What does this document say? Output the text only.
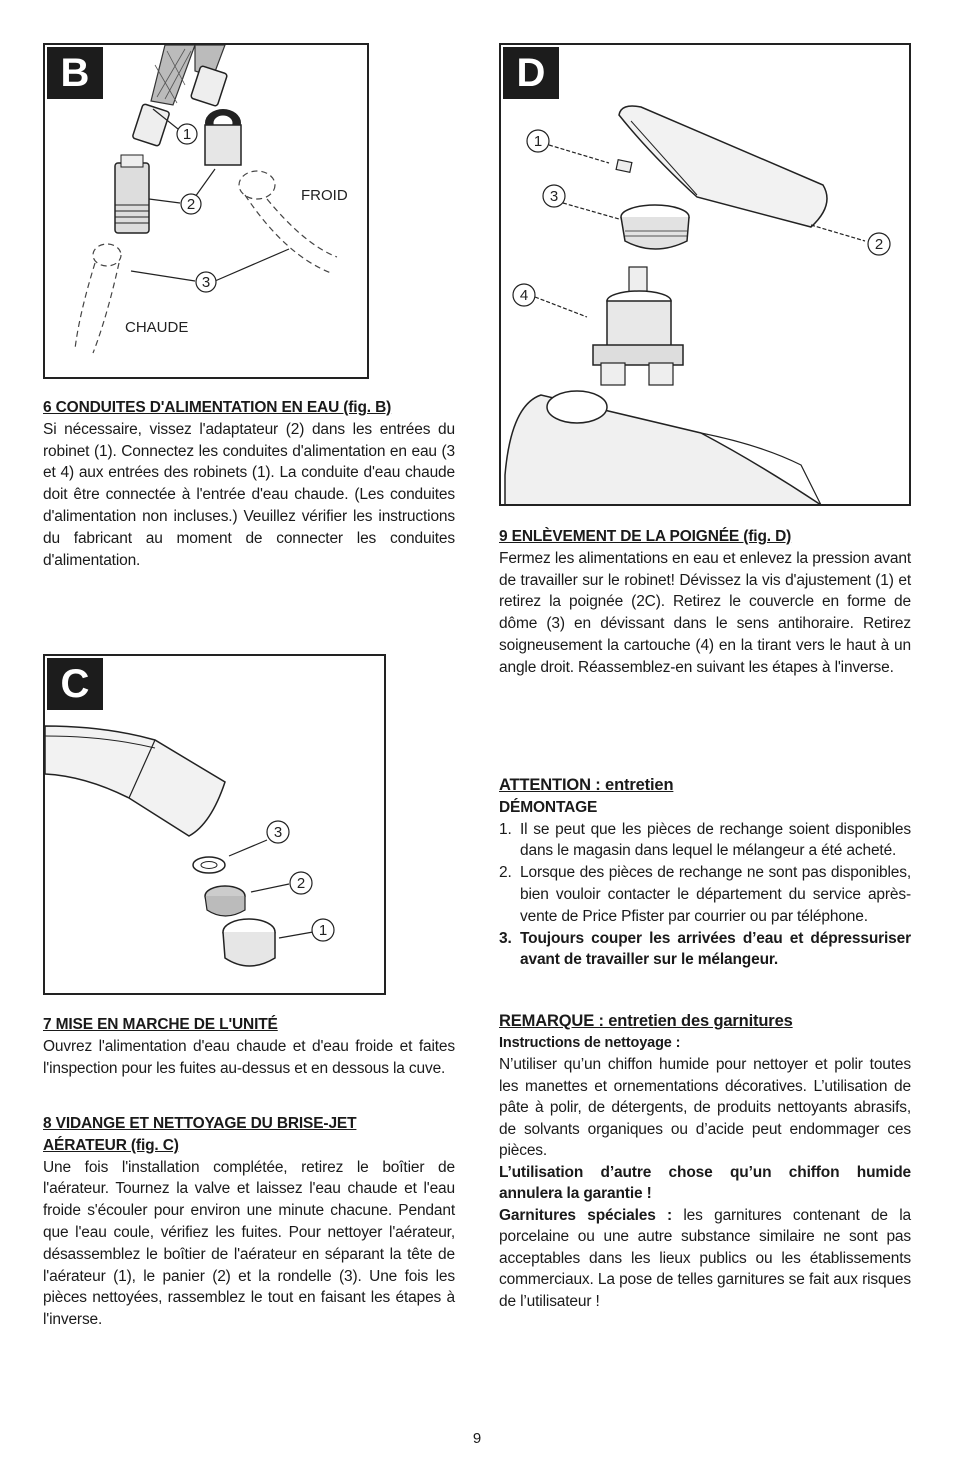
B
1
2
3
FROID
CHAUDE
D
1
3
2
4
C
3
2
1
6 CONDUITES D'ALIMENTATION EN EAU (fig. B)

Si nécessaire, vissez l'adaptateur (2) dans les entrées du robinet (1). Connectez les conduites d'alimentation en eau (3 et 4) aux entrées des robinets (1). La conduite d'eau chaude doit être connectée à l'entrée d'eau chaude. (Les conduites d'alimentation non incluses.) Veuillez vérifier les instructions du fabricant au moment de connecter les conduites d'alimentation.

9 ENLÈVEMENT DE LA POIGNÉE (fig. D)

Fermez les alimentations en eau et enlevez la pression avant de travailler sur le robinet! Dévissez la vis d'ajustement (1) et retirez la poignée (2C). Retirez le couvercle en forme de dôme (3) en dévissant dans le sens antihoraire. Retirez soigneusement la cartouche (4) en la tirant vers le haut à un angle droit. Réassemblez-en suivant les étapes à l'inverse.

ATTENTION : entretien
DÉMONTAGE
1. Il se peut que les pièces de rechange soient disponibles dans le magasin dans lequel le mélangeur a été acheté.
2. Lorsque des pièces de rechange ne sont pas disponibles, bien vouloir contacter le département du service après-vente de Price Pfister par courrier ou par téléphone.
3. Toujours couper les arrivées d’eau et dépressuriser avant de travailler sur le mélangeur.
REMARQUE : entretien des garnitures
Instructions de nettoyage :

N’utiliser qu’un chiffon humide pour nettoyer et polir toutes les manettes et ornementations décoratives. L’utilisation de pâte à polir, de détergents, de produits nettoyants abrasifs, de solvants organiques ou d’acide peut endommager ces pièces.

L’utilisation d’autre chose qu’un chiffon humide annulera la garantie !

Garnitures spéciales : les garnitures contenant de la porcelaine ou une autre substance similaire ne sont pas acceptables dans les lieux publics ou les établissements commerciaux. La pose de telles garnitures se fait aux risques de l’utilisateur !

7 MISE EN MARCHE DE L'UNITÉ

Ouvrez l'alimentation d'eau chaude et d'eau froide et faites l'inspection pour les fuites au-dessus et en dessous la cuve.

8 VIDANGE ET NETTOYAGE DU BRISE-JET
AÉRATEUR (fig. C)

Une fois l'installation complétée, retirez le boîtier de l'aérateur. Tournez la valve et laissez l'eau chaude et l'eau froide s'écouler pour environ une minute chacune. Pendant que l'eau coule, vérifiez les fuites. Pour nettoyer l'aérateur, désassemblez le boîtier de l'aérateur en séparant la tête de l'aérateur (1), le panier (2) et la rondelle (3). Une fois les pièces nettoyées, rassemblez le tout en faisant les étapes à l'inverse.

9
